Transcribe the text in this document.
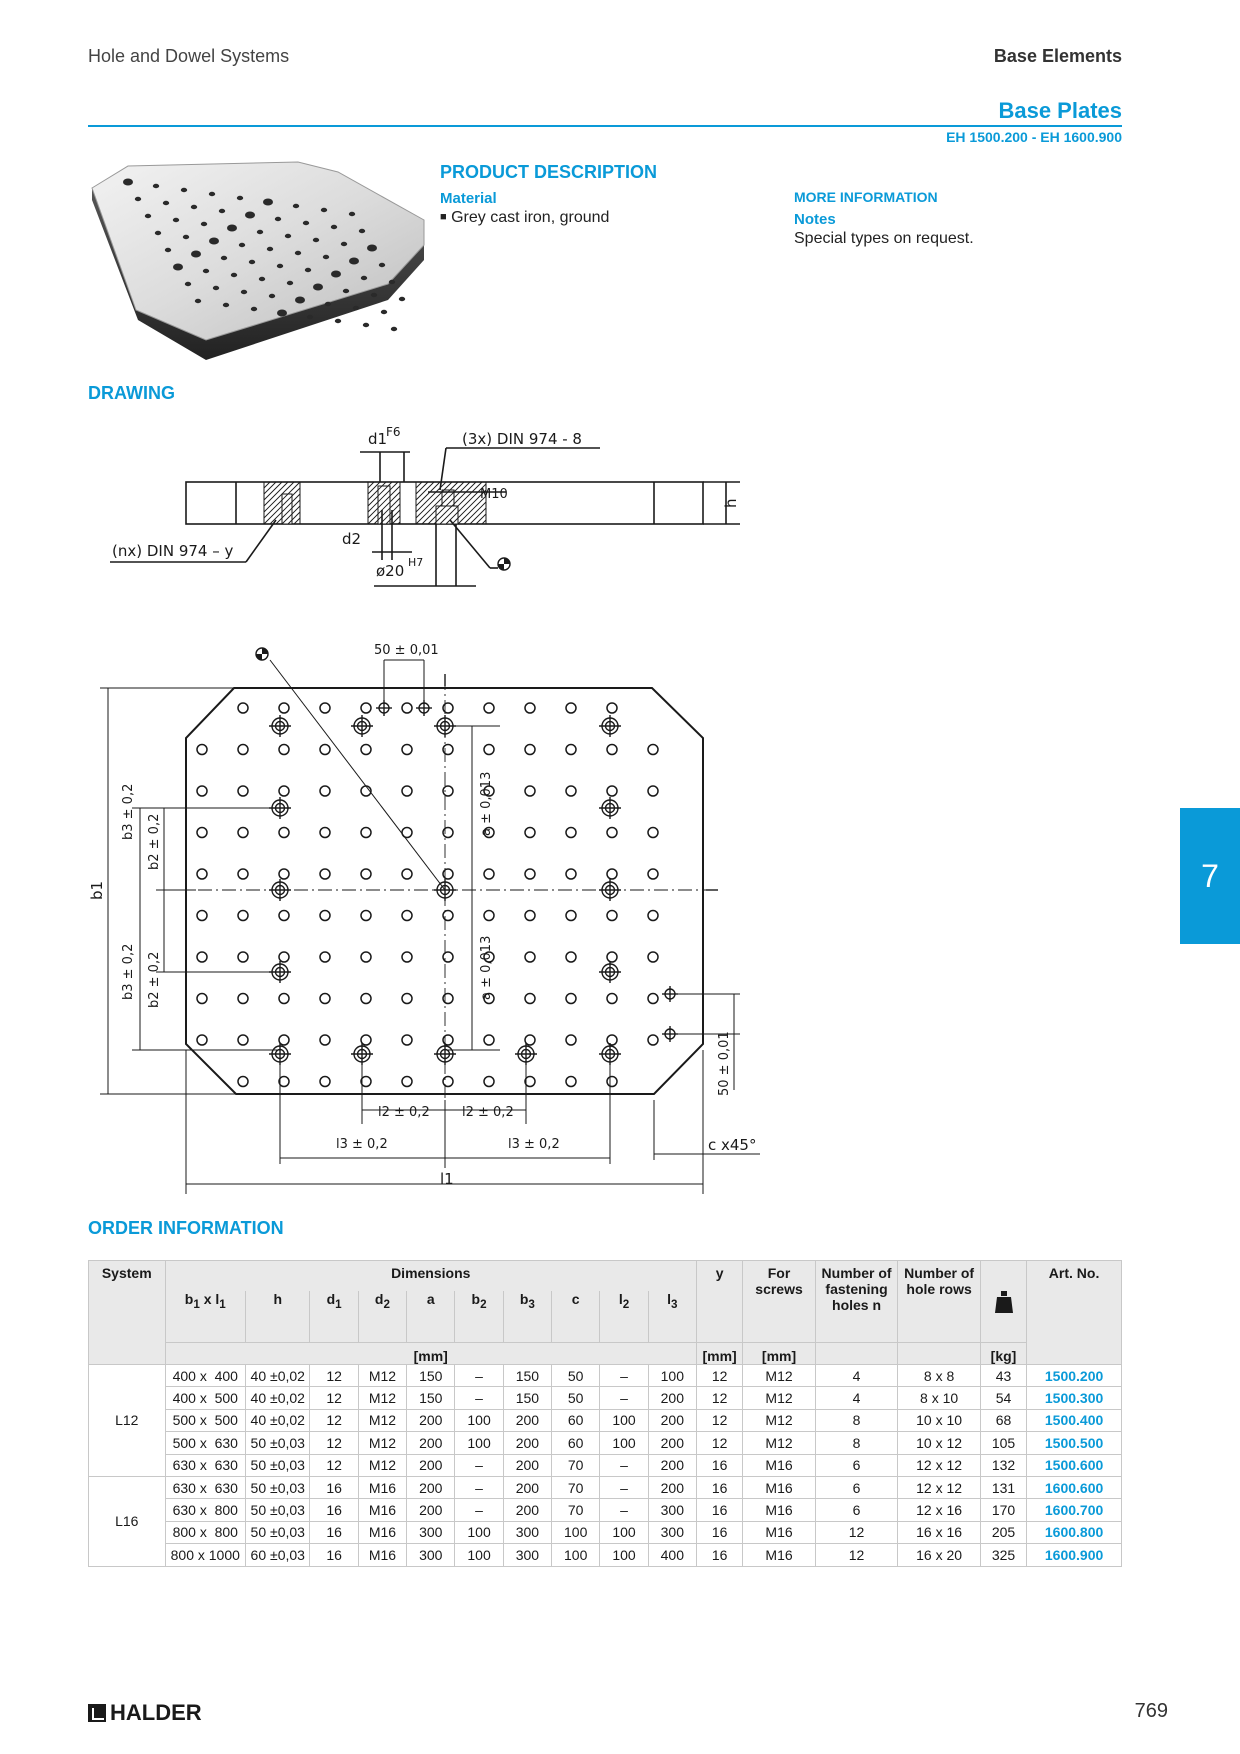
Hole and Dowel Systems	Base Elements
Base Plates
EH 1500.200 - EH 1600.900
PRODUCT DESCRIPTION
Material
■ Grey cast iron, ground
MORE INFORMATION
Notes
Special types on request.
DRAWING
d1
F6	(3x) DIN 974 - 8
M10
h
(nx) DIN 974 – y
d2
ø20 H7
50 ± 0,01
b3 ± 0,2
b2 ± 0,2
b1
b2 ± 0,2
b3 ± 0,2
a ± 0,013
a ± 0,013
50 ± 0,01
l2 ± 0,2 l2 ± 0,2
l3 ± 0,2	l3 ± 0,2
l1
c x45°
7
ORDER INFORMATION
System	Dimensions										y	For screws	Number of fastening holes n	Number of hole rows		Art. No.
	$b_1$ x $l_1$	h	$d_1$	$d_2$	a	$b_2$	$b_3$	c	$l_2$	$l_3$
	[mm]										[mm]	[mm]			[kg]	
L12	400 x  400	40 ±0,02	12	M12	150	–	150	50	–	100	12	M12	4	8 x 8	43	1500.200
	400 x  500	40 ±0,02	12	M12	150	–	150	50	–	200	12	M12	4	8 x 10	54	1500.300
	500 x  500	40 ±0,02	12	M12	200	100	200	60	100	200	12	M12	8	10 x 10	68	1500.400
	500 x  630	50 ±0,03	12	M12	200	100	200	60	100	200	12	M12	8	10 x 12	105	1500.500
	630 x  630	50 ±0,03	12	M12	200	–	200	70	–	200	16	M16	6	12 x 12	132	1500.600
L16	630 x  630	50 ±0,03	16	M16	200	–	200	70	–	200	16	M16	6	12 x 12	131	1600.600
	630 x  800	50 ±0,03	16	M16	200	–	200	70	–	300	16	M16	6	12 x 16	170	1600.700
	800 x  800	50 ±0,03	16	M16	300	100	300	100	100	300	16	M16	12	16 x 16	205	1600.800
	800 x 1000	60 ±0,03	16	M16	300	100	300	100	100	400	16	M16	12	16 x 20	325	1600.900
HALDER	769
